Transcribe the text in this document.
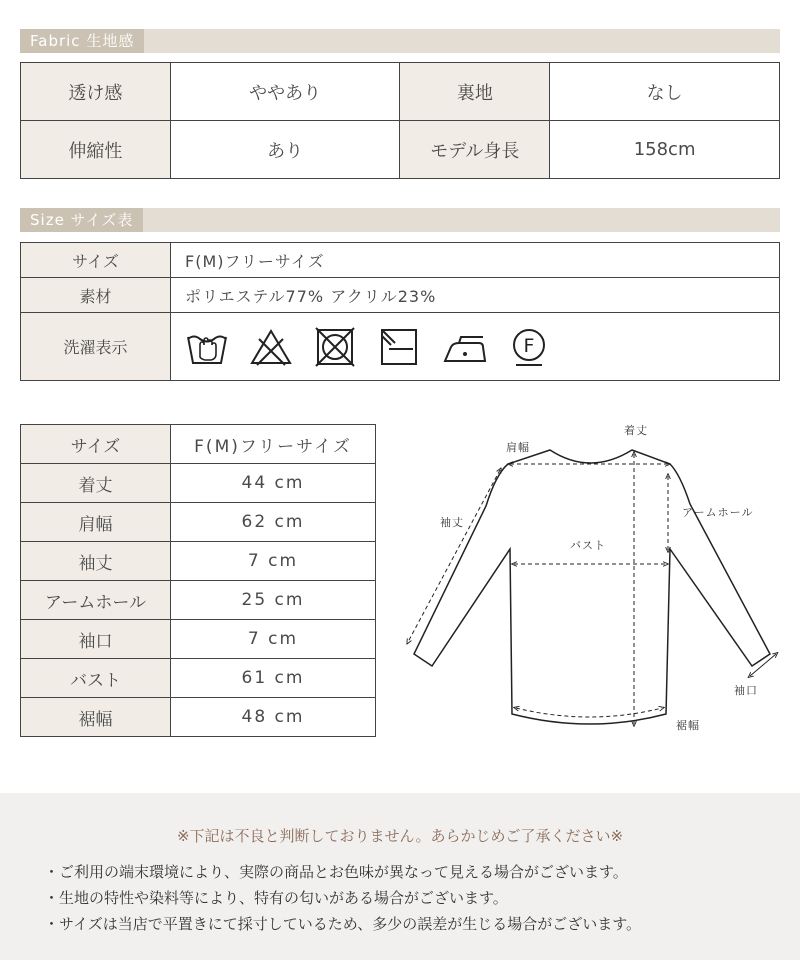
Fabric 生地感
透け感	ややあり	裏地	なし
伸縮性	あり	モデル身長	158cm
Size サイズ表
サイズ	F(M)フリーサイズ
素材	ポリエステル77% アクリル23%
洗濯表示	F
サイズ	F(M)フリーサイズ
着丈	44 cm
肩幅	62 cm
袖丈	7 cm
アームホール	25 cm
袖口	7 cm
バスト	61 cm
裾幅	48 cm
着丈
肩幅
袖丈
アームホール
バスト
袖口
裾幅
※下記は不良と判断しておりません。あらかじめご了承ください※
・ご利用の端末環境により、実際の商品とお色味が異なって見える場合がございます。
・生地の特性や染料等により、特有の匂いがある場合がございます。
・サイズは当店で平置きにて採寸しているため、多少の誤差が生じる場合がございます。
